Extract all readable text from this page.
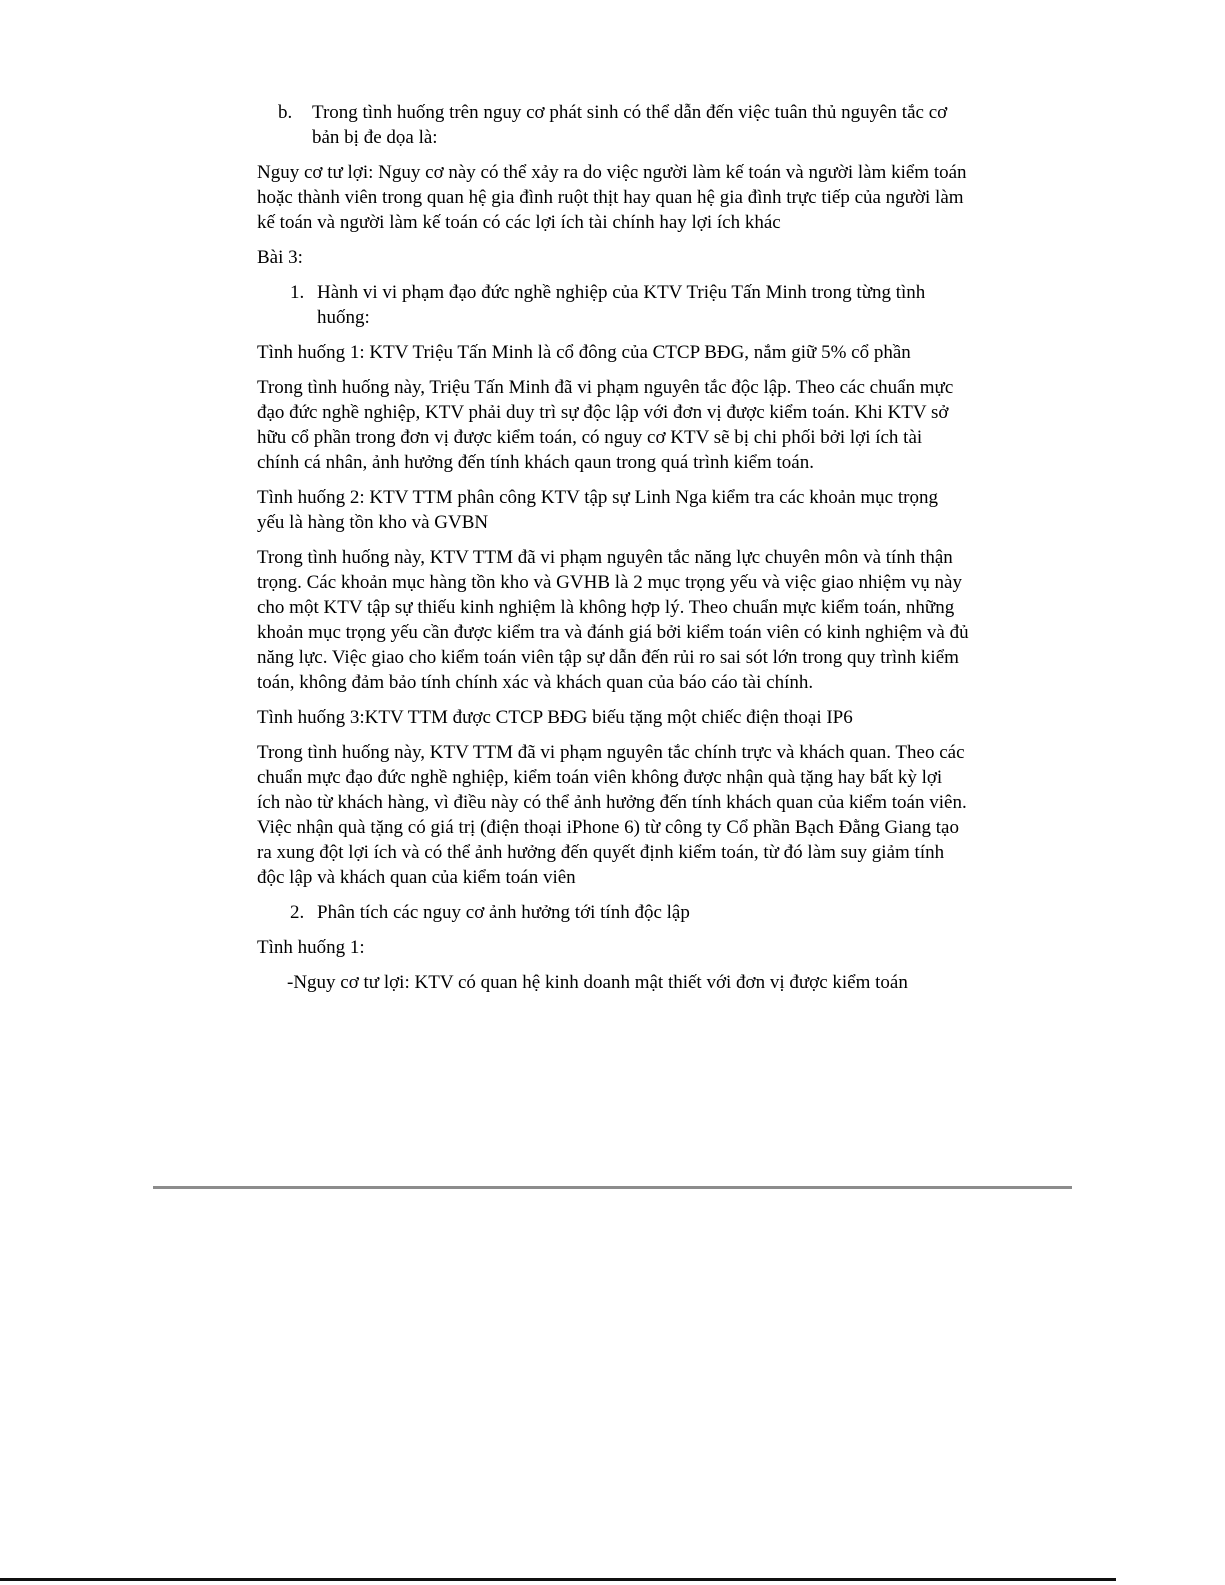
b. Trong tình huống trên nguy cơ phát sinh có thể dẫn đến việc tuân thủ nguyên tắc cơ bản bị đe dọa là:

Nguy cơ tư lợi: Nguy cơ này có thể xảy ra do việc người làm kế toán và người làm kiểm toán hoặc thành viên trong quan hệ gia đình ruột thịt hay quan hệ gia đình trực tiếp của người làm kế toán và người làm kế toán có các lợi ích tài chính hay lợi ích khác

Bài 3:

1. Hành vi vi phạm đạo đức nghề nghiệp của KTV Triệu Tấn Minh trong từng tình huống:

Tình huống 1: KTV Triệu Tấn Minh là cổ đông của CTCP BĐG, nắm giữ 5% cổ phần

Trong tình huống này, Triệu Tấn Minh đã vi phạm nguyên tắc độc lập. Theo các chuẩn mực đạo đức nghề nghiệp, KTV phải duy trì sự độc lập với đơn vị được kiểm toán. Khi KTV sở hữu cổ phần trong đơn vị được kiểm toán, có nguy cơ KTV sẽ bị chi phối bởi lợi ích tài chính cá nhân, ảnh hưởng đến tính khách qaun trong quá trình kiểm toán.

Tình huống 2: KTV TTM phân công KTV tập sự Linh Nga kiểm tra các khoản mục trọng yếu là hàng tồn kho và GVBN

Trong tình huống này, KTV TTM đã vi phạm nguyên tắc năng lực chuyên môn và tính thận trọng. Các khoản mục hàng tồn kho và GVHB là 2 mục trọng yếu và việc giao nhiệm vụ này cho một KTV tập sự thiếu kinh nghiệm là không hợp lý. Theo chuẩn mực kiểm toán, những khoản mục trọng yếu cần được kiểm tra và đánh giá bởi kiểm toán viên có kinh nghiệm và đủ năng lực. Việc giao cho kiểm toán viên tập sự dẫn đến rủi ro sai sót lớn trong quy trình kiểm toán, không đảm bảo tính chính xác và khách quan của báo cáo tài chính.

Tình huống 3:KTV TTM được CTCP BĐG biếu tặng một chiếc điện thoại IP6

Trong tình huống này, KTV TTM đã vi phạm nguyên tắc chính trực và khách quan. Theo các chuẩn mực đạo đức nghề nghiệp, kiểm toán viên không được nhận quà tặng hay bất kỳ lợi ích nào từ khách hàng, vì điều này có thể ảnh hưởng đến tính khách quan của kiểm toán viên. Việc nhận quà tặng có giá trị (điện thoại iPhone 6) từ công ty Cổ phần Bạch Đằng Giang tạo ra xung đột lợi ích và có thể ảnh hưởng đến quyết định kiểm toán, từ đó làm suy giảm tính độc lập và khách quan của kiểm toán viên

2. Phân tích các nguy cơ ảnh hưởng tới tính độc lập

Tình huống 1:

-Nguy cơ tư lợi: KTV có quan hệ kinh doanh mật thiết với đơn vị được kiểm toán
